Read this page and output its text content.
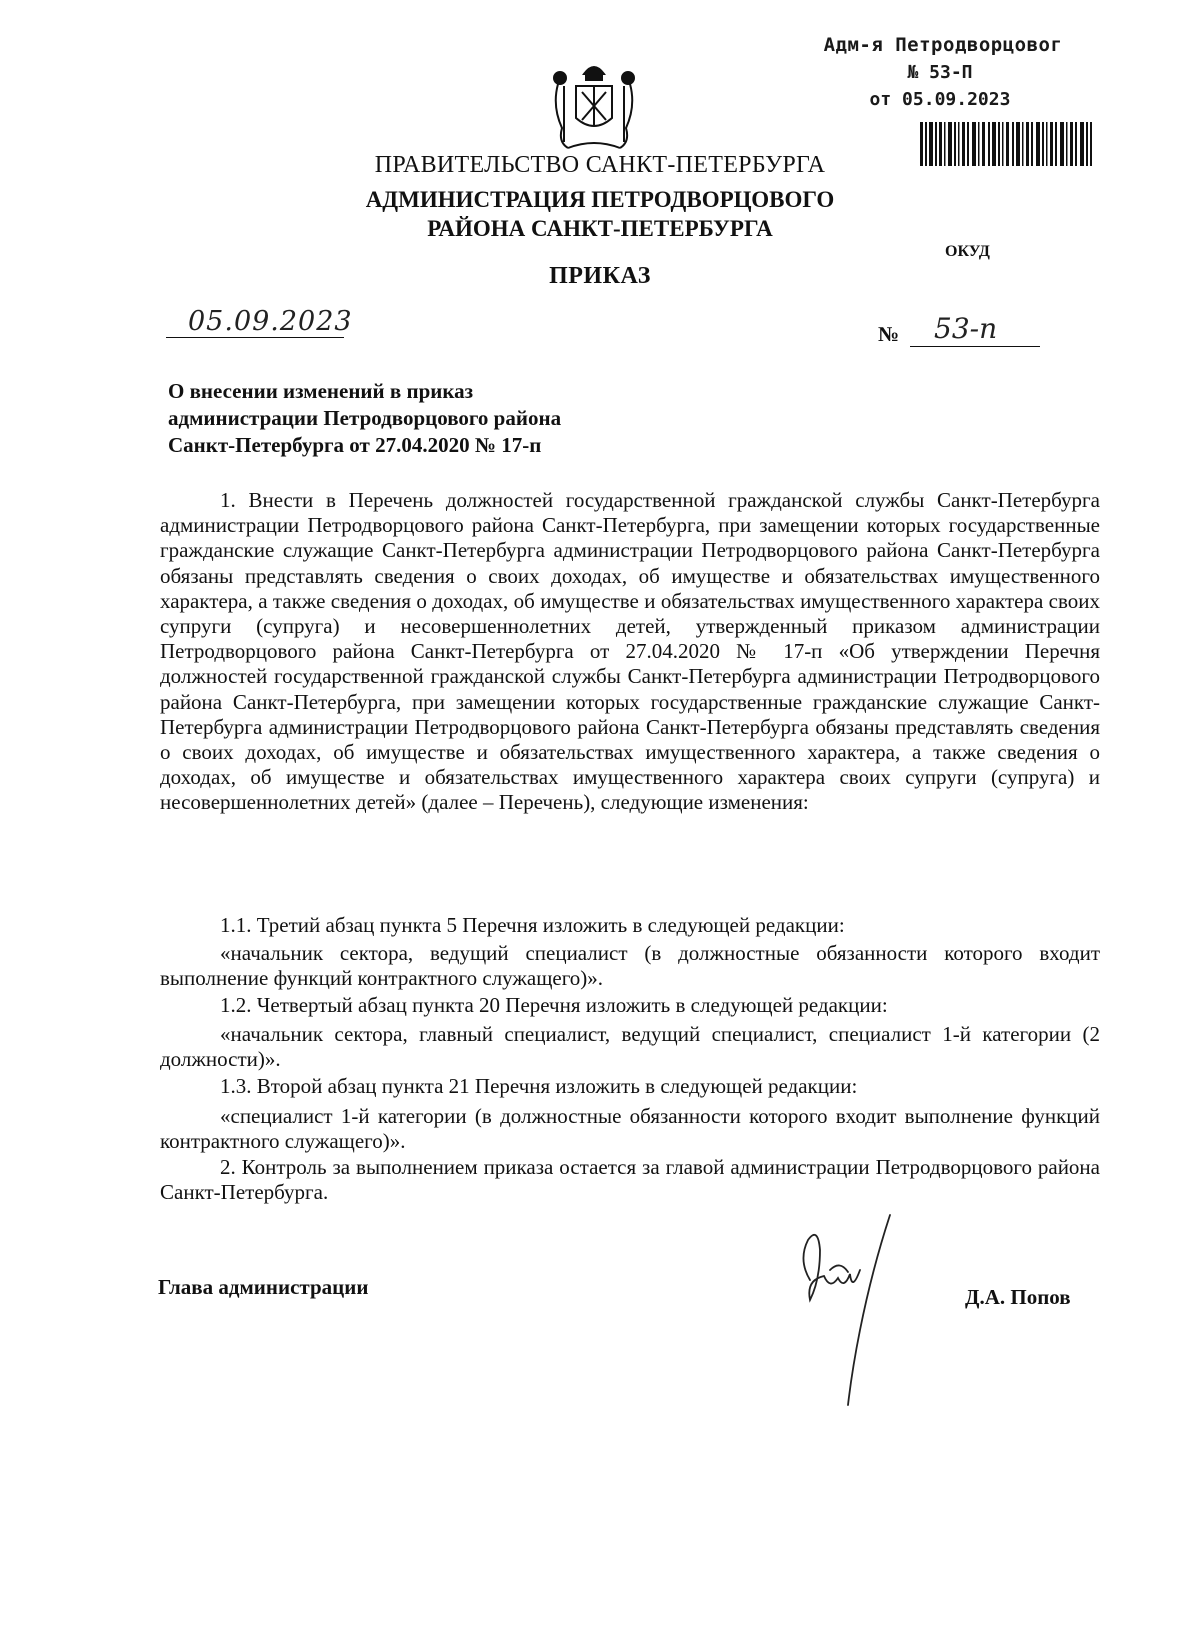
Адм-я Петродворцовог
№ 53-П
от 05.09.2023
ПРАВИТЕЛЬСТВО САНКТ-ПЕТЕРБУРГА
АДМИНИСТРАЦИЯ ПЕТРОДВОРЦОВОГО
РАЙОНА САНКТ-ПЕТЕРБУРГА
ОКУД
ПРИКАЗ
05.09.2023	№ 53-п
О внесении изменений в приказ
администрации Петродворцового района
Санкт-Петербурга от 27.04.2020 № 17-п
1. Внести в Перечень должностей государственной гражданской службы Санкт-Петербурга администрации Петродворцового района Санкт-Петербурга, при замещении которых государственные гражданские служащие Санкт-Петербурга администрации Петродворцового района Санкт-Петербурга обязаны представлять сведения о своих доходах, об имуществе и обязательствах имущественного характера, а также сведения о доходах, об имуществе и обязательствах имущественного характера своих супруги (супруга) и несовершеннолетних детей, утвержденный приказом администрации Петродворцового района Санкт-Петербурга от 27.04.2020 № 17-п «Об утверждении Перечня должностей государственной гражданской службы Санкт-Петербурга администрации Петродворцового района Санкт-Петербурга, при замещении которых государственные гражданские служащие Санкт-Петербурга администрации Петродворцового района Санкт-Петербурга обязаны представлять сведения о своих доходах, об имуществе и обязательствах имущественного характера, а также сведения о доходах, об имуществе и обязательствах имущественного характера своих супруги (супруга) и несовершеннолетних детей» (далее – Перечень), следующие изменения:
1.1. Третий абзац пункта 5 Перечня изложить в следующей редакции:
«начальник сектора, ведущий специалист (в должностные обязанности которого входит выполнение функций контрактного служащего)».
1.2. Четвертый абзац пункта 20 Перечня изложить в следующей редакции:
«начальник сектора, главный специалист, ведущий специалист, специалист 1-й категории (2 должности)».
1.3. Второй абзац пункта 21 Перечня изложить в следующей редакции:
«специалист 1-й категории (в должностные обязанности которого входит выполнение функций контрактного служащего)».
2. Контроль за выполнением приказа остается за главой администрации Петродворцового района Санкт-Петербурга.
Глава администрации	Д.А. Попов
